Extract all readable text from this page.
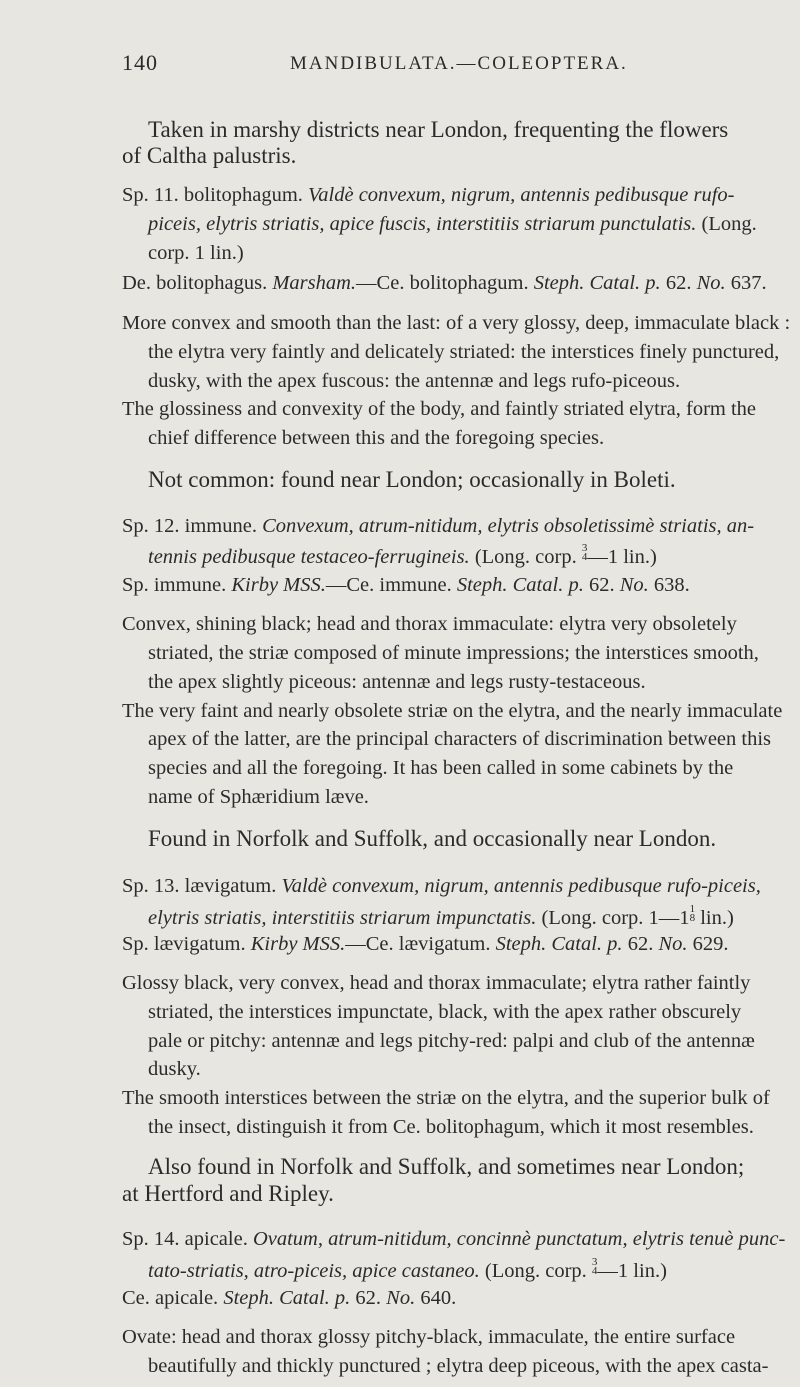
140	MANDIBULATA.—COLEOPTERA.
Taken in marshy districts near London, frequenting the flowers
of Caltha palustris.
Sp. 11. bolitophagum. Valdè convexum, nigrum, antennis pedibusque rufo-
piceis, elytris striatis, apice fuscis, interstitiis striarum punctulatis. (Long.
corp. 1 lin.)
De. bolitophagus. Marsham.—Ce. bolitophagum. Steph. Catal. p. 62. No. 637.
More convex and smooth than the last: of a very glossy, deep, immaculate black :
the elytra very faintly and delicately striated: the interstices finely punctured,
dusky, with the apex fuscous: the antennæ and legs rufo-piceous.
The glossiness and convexity of the body, and faintly striated elytra, form the
chief difference between this and the foregoing species.
Not common: found near London; occasionally in Boleti.
Sp. 12. immune. Convexum, atrum-nitidum, elytris obsoletissimè striatis, an-
tennis pedibusque testaceo-ferrugineis. (Long. corp. 3
4—1 lin.)
Sp. immune. Kirby MSS.—Ce. immune. Steph. Catal. p. 62. No. 638.
Convex, shining black; head and thorax immaculate: elytra very obsoletely
striated, the striæ composed of minute impressions; the interstices smooth,
the apex slightly piceous: antennæ and legs rusty-testaceous.
The very faint and nearly obsolete striæ on the elytra, and the nearly immaculate
apex of the latter, are the principal characters of discrimination between this
species and all the foregoing. It has been called in some cabinets by the
name of Sphæridium læve.
Found in Norfolk and Suffolk, and occasionally near London.
Sp. 13. lævigatum. Valdè convexum, nigrum, antennis pedibusque rufo-piceis,
elytris striatis, interstitiis striarum impunctatis. (Long. corp. 1—11
8 lin.)
Sp. lævigatum. Kirby MSS.—Ce. lævigatum. Steph. Catal. p. 62. No. 629.
Glossy black, very convex, head and thorax immaculate; elytra rather faintly
striated, the interstices impunctate, black, with the apex rather obscurely
pale or pitchy: antennæ and legs pitchy-red: palpi and club of the antennæ
dusky.
The smooth interstices between the striæ on the elytra, and the superior bulk of
the insect, distinguish it from Ce. bolitophagum, which it most resembles.
Also found in Norfolk and Suffolk, and sometimes near London;
at Hertford and Ripley.
Sp. 14. apicale. Ovatum, atrum-nitidum, concinnè punctatum, elytris tenuè punc-
tato-striatis, atro-piceis, apice castaneo. (Long. corp. 3
4—1 lin.)
Ce. apicale. Steph. Catal. p. 62. No. 640.
Ovate: head and thorax glossy pitchy-black, immaculate, the entire surface
beautifully and thickly punctured ; elytra deep piceous, with the apex casta-
